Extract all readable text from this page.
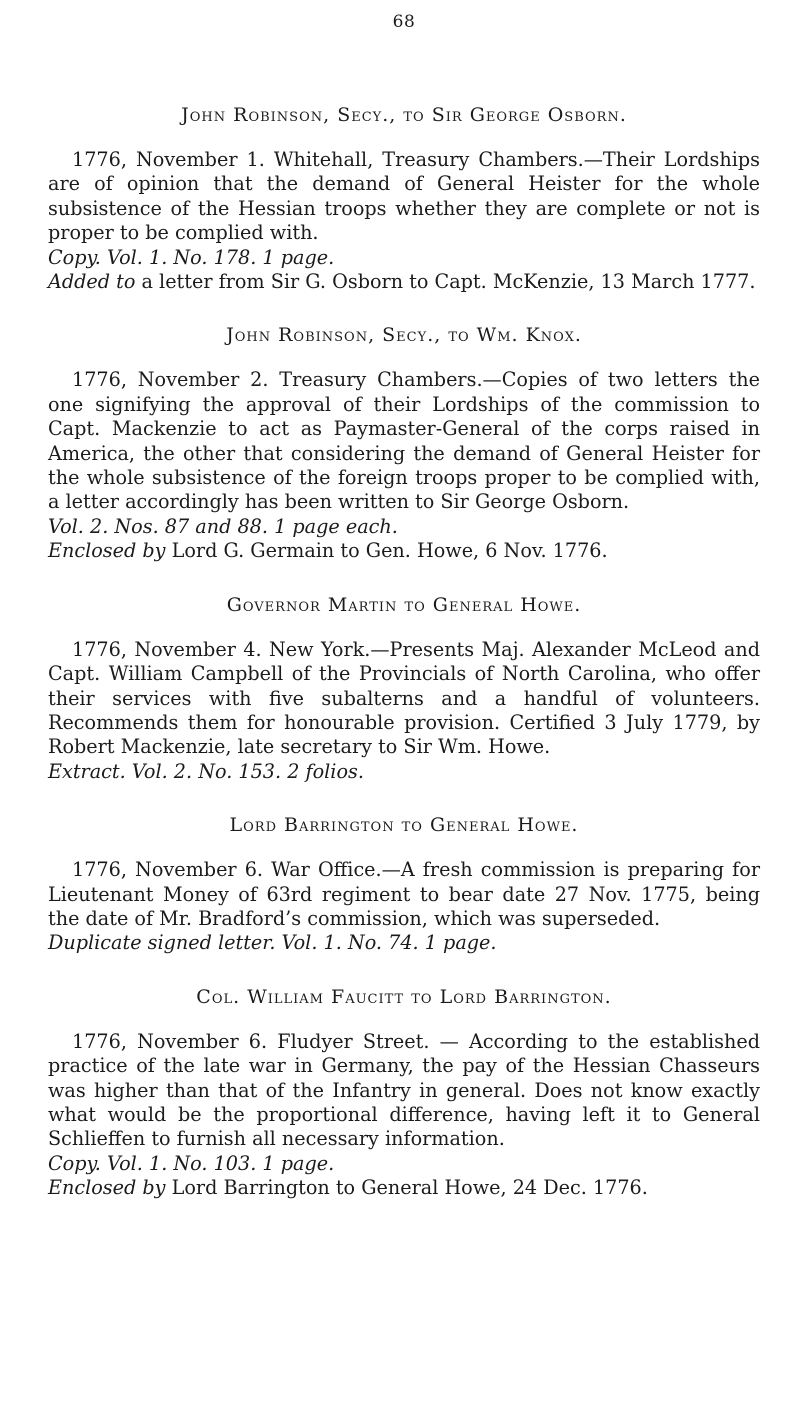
68
John Robinson, Secy., to Sir George Osborn.

1776, November 1. Whitehall, Treasury Chambers.—Their Lordships are of opinion that the demand of General Heister for the whole subsistence of the Hessian troops whether they are complete or not is proper to be complied with.

Copy. Vol. 1. No. 178. 1 page.

Added to a letter from Sir G. Osborn to Capt. McKenzie, 13 March 1777.

John Robinson, Secy., to Wm. Knox.

1776, November 2. Treasury Chambers.—Copies of two letters the one signifying the approval of their Lordships of the commission to Capt. Mackenzie to act as Paymaster-General of the corps raised in America, the other that considering the demand of General Heister for the whole subsistence of the foreign troops proper to be complied with, a letter accordingly has been written to Sir George Osborn.

Vol. 2. Nos. 87 and 88. 1 page each.

Enclosed by Lord G. Germain to Gen. Howe, 6 Nov. 1776.

Governor Martin to General Howe.

1776, November 4. New York.—Presents Maj. Alexander McLeod and Capt. William Campbell of the Provincials of North Carolina, who offer their services with five subalterns and a handful of volunteers. Recommends them for honourable provision. Certified 3 July 1779, by Robert Mackenzie, late secretary to Sir Wm. Howe.

Extract. Vol. 2. No. 153. 2 folios.

Lord Barrington to General Howe.

1776, November 6. War Office.—A fresh commission is preparing for Lieutenant Money of 63rd regiment to bear date 27 Nov. 1775, being the date of Mr. Bradford’s commission, which was superseded.

Duplicate signed letter. Vol. 1. No. 74. 1 page.

Col. William Faucitt to Lord Barrington.

1776, November 6. Fludyer Street. — According to the established practice of the late war in Germany, the pay of the Hessian Chasseurs was higher than that of the Infantry in general. Does not know exactly what would be the proportional difference, having left it to General Schlieffen to furnish all necessary information.

Copy. Vol. 1. No. 103. 1 page.

Enclosed by Lord Barrington to General Howe, 24 Dec. 1776.
